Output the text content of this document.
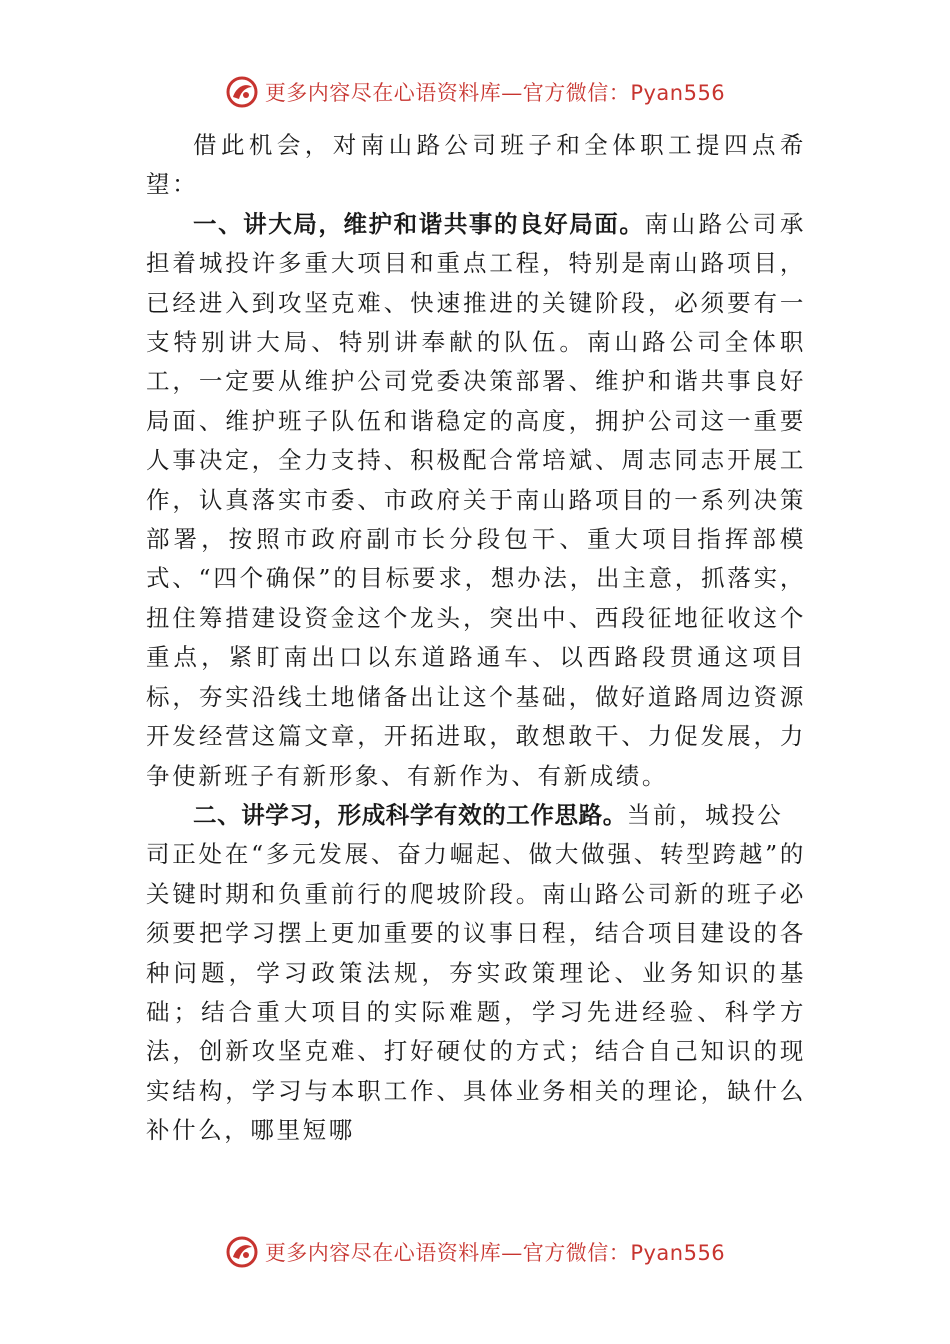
更多内容尽在心语资料库—官方微信：Pyan556

借此机会，对南山路公司班子和全体职工提四点希望：

一、讲大局，维护和谐共事的良好局面。南山路公司承担着城投许多重大项目和重点工程，特别是南山路项目，已经进入到攻坚克难、快速推进的关键阶段，必须要有一支特别讲大局、特别讲奉献的队伍。南山路公司全体职工，一定要从维护公司党委决策部署、维护和谐共事良好局面、维护班子队伍和谐稳定的高度，拥护公司这一重要人事决定，全力支持、积极配合常培斌、周志同志开展工作，认真落实市委、市政府关于南山路项目的一系列决策部署，按照市政府副市长分段包干、重大项目指挥部模式、“四个确保”的目标要求，想办法，出主意，抓落实，扭住筹措建设资金这个龙头，突出中、西段征地征收这个重点，紧盯南出口以东道路通车、以西路段贯通这项目标，夯实沿线土地储备出让这个基础，做好道路周边资源开发经营这篇文章，开拓进取，敢想敢干、力促发展，力争使新班子有新形象、有新作为、有新成绩。

二、讲学习，形成科学有效的工作思路。当前，城投公

司正处在“多元发展、奋力崛起、做大做强、转型跨越”的关键时期和负重前行的爬坡阶段。南山路公司新的班子必须要把学习摆上更加重要的议事日程，结合项目建设的各种问题，学习政策法规，夯实政策理论、业务知识的基础；结合重大项目的实际难题，学习先进经验、科学方法，创新攻坚克难、打好硬仗的方式；结合自己知识的现实结构，学习与本职工作、具体业务相关的理论，缺什么补什么，哪里短哪

更多内容尽在心语资料库—官方微信：Pyan556
